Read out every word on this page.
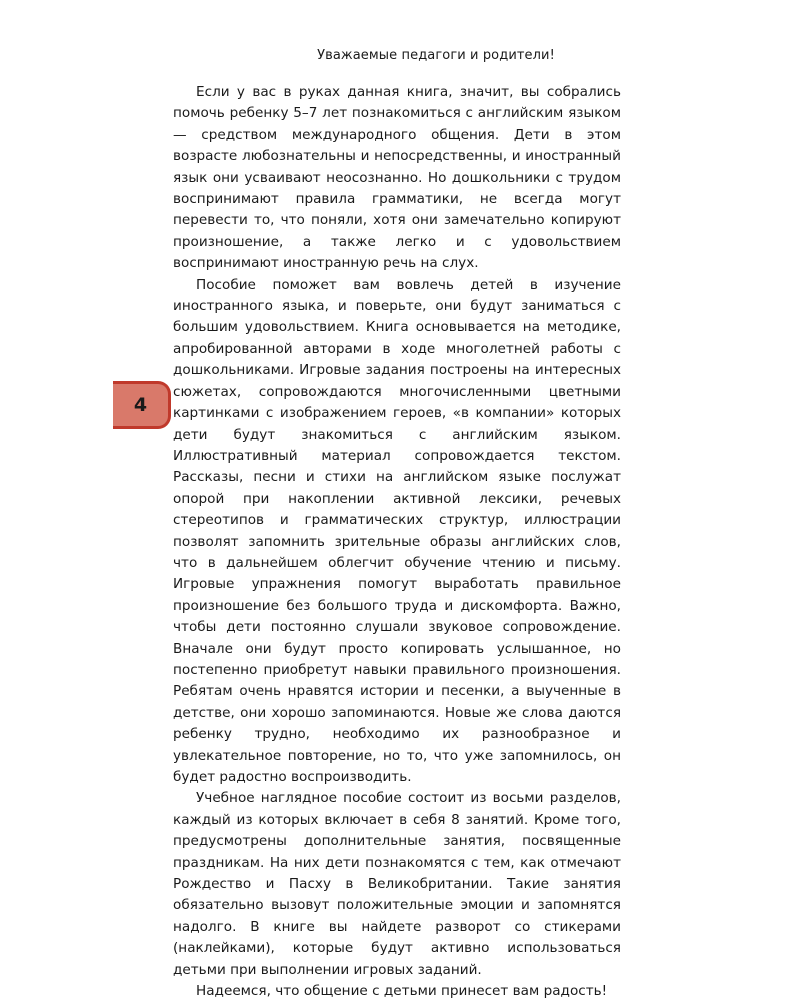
Уважаемые педагоги и родители!

Если у вас в руках данная книга, значит, вы собрались помочь ребенку 5–7 лет познакомиться с английским языком — средством международного общения. Дети в этом возрасте любознательны и непосредственны, и иностранный язык они усваивают неосознанно. Но дошкольники с трудом воспринимают правила грамматики, не всегда могут перевести то, что поняли, хотя они замечательно копируют произношение, а также легко и с удовольствием воспринимают иностранную речь на слух.

Пособие поможет вам вовлечь детей в изучение иностранного языка, и поверьте, они будут заниматься с большим удовольствием. Книга основывается на методике, апробированной авторами в ходе многолетней работы с дошкольниками. Игровые задания построены на интересных сюжетах, сопровождаются многочисленными цветными картинками с изображением героев, «в компании» которых дети будут знакомиться с английским языком. Иллюстративный материал сопровождается текстом. Рассказы, песни и стихи на английском языке послужат опорой при накоплении активной лексики, речевых стереотипов и грамматических структур, иллюстрации позволят запомнить зрительные образы английских слов, что в дальнейшем облегчит обучение чтению и письму. Игровые упражнения помогут выработать правильное произношение без большого труда и дискомфорта. Важно, чтобы дети постоянно слушали звуковое сопровождение. Вначале они будут просто копировать услышанное, но постепенно приобретут навыки правильного произношения. Ребятам очень нравятся истории и песенки, а выученные в детстве, они хорошо запоминаются. Новые же слова даются ребенку трудно, необходимо их разнообразное и увлекательное повторение, но то, что уже запомнилось, он будет радостно воспроизводить.

Учебное наглядное пособие состоит из восьми разделов, каждый из которых включает в себя 8 занятий. Кроме того, предусмотрены дополнительные занятия, посвященные праздникам. На них дети познакомятся с тем, как отмечают Рождество и Пасху в Великобритании. Такие занятия обязательно вызовут положительные эмоции и запомнятся надолго. В книге вы найдете разворот со стикерами (наклейками), которые будут активно использоваться детьми при выполнении игровых заданий.

Надеемся, что общение с детьми принесет вам радость!

4
